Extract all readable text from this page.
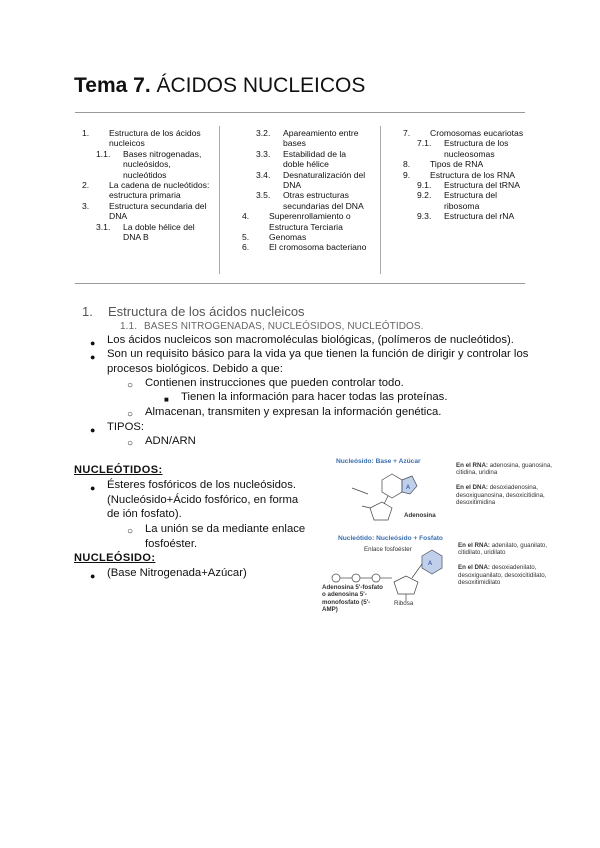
Tema 7. ÁCIDOS NUCLEICOS
1. Estructura de los ácidos nucleicos
1.1. Bases nitrogenadas, nucleósidos, nucleótidos
2. La cadena de nucleótidos: estructura primaria
3. Estructura secundaria del DNA
3.1. La doble hélice del DNA B
3.2. Apareamiento entre bases
3.3. Estabilidad de la doble hélice
3.4. Desnaturalización del DNA
3.5. Otras estructuras secundarias del DNA
4. Superenrollamiento o Estructura Terciaria
5. Genomas
6. El cromosoma bacteriano
7. Cromosomas eucariotas
7.1. Estructura de los nucleosomas
8. Tipos de RNA
9. Estructura de los RNA
9.1. Estructura del tRNA
9.2. Estructura del ribosoma
9.3. Estructura del rNA
1. Estructura de los ácidos nucleicos
1.1. BASES NITROGENADAS, NUCLEÓSIDOS, NUCLEÓTIDOS.
● Los ácidos nucleicos son macromoléculas biológicas, (polímeros de nucleótidos).
● Son un requisito básico para la vida ya que tienen la función de dirigir y controlar los
procesos biológicos. Debido a que:
○ Contienen instrucciones que pueden controlar todo.
■ Tienen la información para hacer todas las proteínas.
○ Almacenan, transmiten y expresan la información genética.
● TIPOS:
○ ADN/ARN
NUCLEÓTIDOS:
● Ésteres fosfóricos de los nucleósidos.
(Nucleósido+Ácido fosfórico, en forma
de ión fosfato).
○ La unión se da mediante enlace
fosfoéster.
NUCLEÓSIDO:
● (Base Nitrogenada+Azúcar)
Nucleósido: Base + Azúcar
Nucleótido: Nucleósido + Fosfato
A
A
Adenosina
Enlace fosfoéster
Adenosina 5'-fosfato o adenosina 5'-monofosfato (5'-AMP)
Ribosa
En el RNA: adenosina, guanosina, citidina, uridina

En el DNA: desoxiadenosina, desoxiguanosina, desoxicitidina, desoxitimidina
En el RNA: adenilato, guanilato, citidilato, uridilato

En el DNA: desoxiadenilato, desoxiguanilato, desoxicitidilato, desoxitimidilato
